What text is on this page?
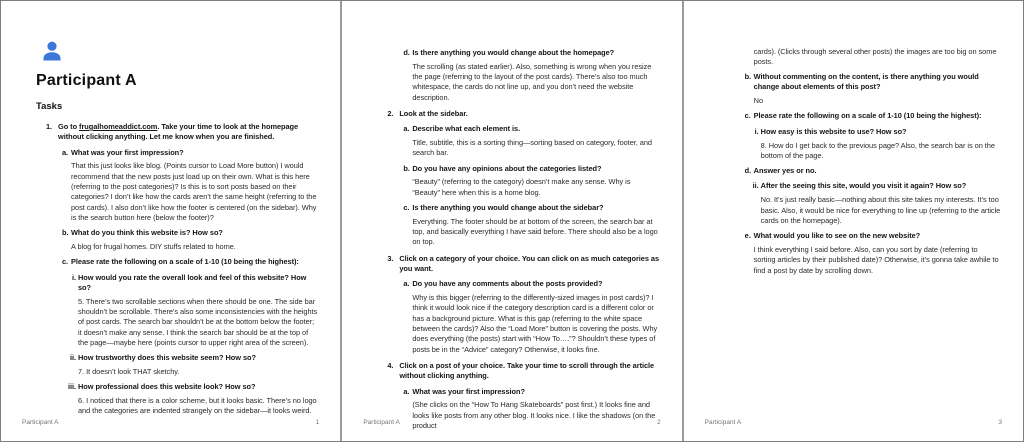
Participant A
Tasks
1. Go to frugalhomeaddict.com. Take your time to look at the homepage without clicking anything. Let me know when you are finished.
a. What was your first impression?
That this just looks like blog. (Points cursor to Load More button) I would recommend that the new posts just load up on their own. What is this here (referring to the post categories)? Is this is to sort posts based on their categories? I don’t like how the cards aren’t the same height (referring to the post cards). I also don’t like how the footer is centered (on the sidebar). Why is the search button here (below the footer)?
b. What do you think this website is? How so?
A blog for frugal homes. DIY stuffs related to home.
c. Please rate the following on a scale of 1-10 (10 being the highest):
i. How would you rate the overall look and feel of this website? How so?
5. There’s two scrollable sections when there should be one. The side bar shouldn’t be scrollable. There’s also some inconsistencies with the heights of post cards. The search bar shouldn’t be at the bottom below the footer; it doesn’t make any sense. I think the search bar should be at the top of the page—maybe here (points cursor to upper right area of the screen).
ii. How trustworthy does this website seem? How so?
7. It doesn’t look THAT sketchy.
iii. How professional does this website look? How so?
6. I noticed that there is a color scheme, but it looks basic. There’s no logo and the categories are indented strangely on the sidebar—it looks weird.
Participant A	1
d. Is there anything you would change about the homepage?
The scrolling (as stated earlier). Also, something is wrong when you resize the page (referring to the layout of the post cards). There’s also too much whitespace, the cards do not line up, and you don’t need the website description.
2. Look at the sidebar.
a. Describe what each element is.
Title, subtitle, this is a sorting thing—sorting based on category, footer, and search bar.
b. Do you have any opinions about the categories listed?
“Beauty” (referring to the category) doesn’t make any sense. Why is “Beauty” here when this is a home blog.
c. Is there anything you would change about the sidebar?
Everything. The footer should be at bottom of the screen, the search bar at top, and basically everything I have said before. There should also be a logo on top.
3. Click on a category of your choice. You can click on as much categories as you want.
a. Do you have any comments about the posts provided?
Why is this bigger (referring to the differently-sized images in post cards)? I think it would look nice if the category description card is a different color or has a background picture. What is this gap (referring to the white space between the cards)? Also the “Load More” button is covering the posts. Why does everything (the posts) start with “How To….”? Shouldn’t these types of posts be in the “Advice” category? Otherwise, it looks fine.
4. Click on a post of your choice. Take your time to scroll through the article without clicking anything.
a. What was your first impression?
(She clicks on the “How To Hang Skateboards” post first.) It looks fine and looks like posts from any other blog. It looks nice. I like the shadows (on the product
Participant A	2
cards). (Clicks through several other posts) the images are too big on some posts.
b. Without commenting on the content, is there anything you would change about elements of this post?
No
c. Please rate the following on a scale of 1-10 (10 being the highest):
i. How easy is this website to use? How so?
8. How do I get back to the previous page? Also, the search bar is on the bottom of the page.
d. Answer yes or no.
ii. After the seeing this site, would you visit it again? How so?
No. It’s just really basic—nothing about this site takes my interests. It’s too basic. Also, it would be nice for everything to line up (referring to the article cards on the homepage).
e. What would you like to see on the new website?
I think everything I said before. Also, can you sort by date (referring to sorting articles by their published date)? Otherwise, it’s gonna take awhile to find a post by date by scrolling down.
Participant A	3
